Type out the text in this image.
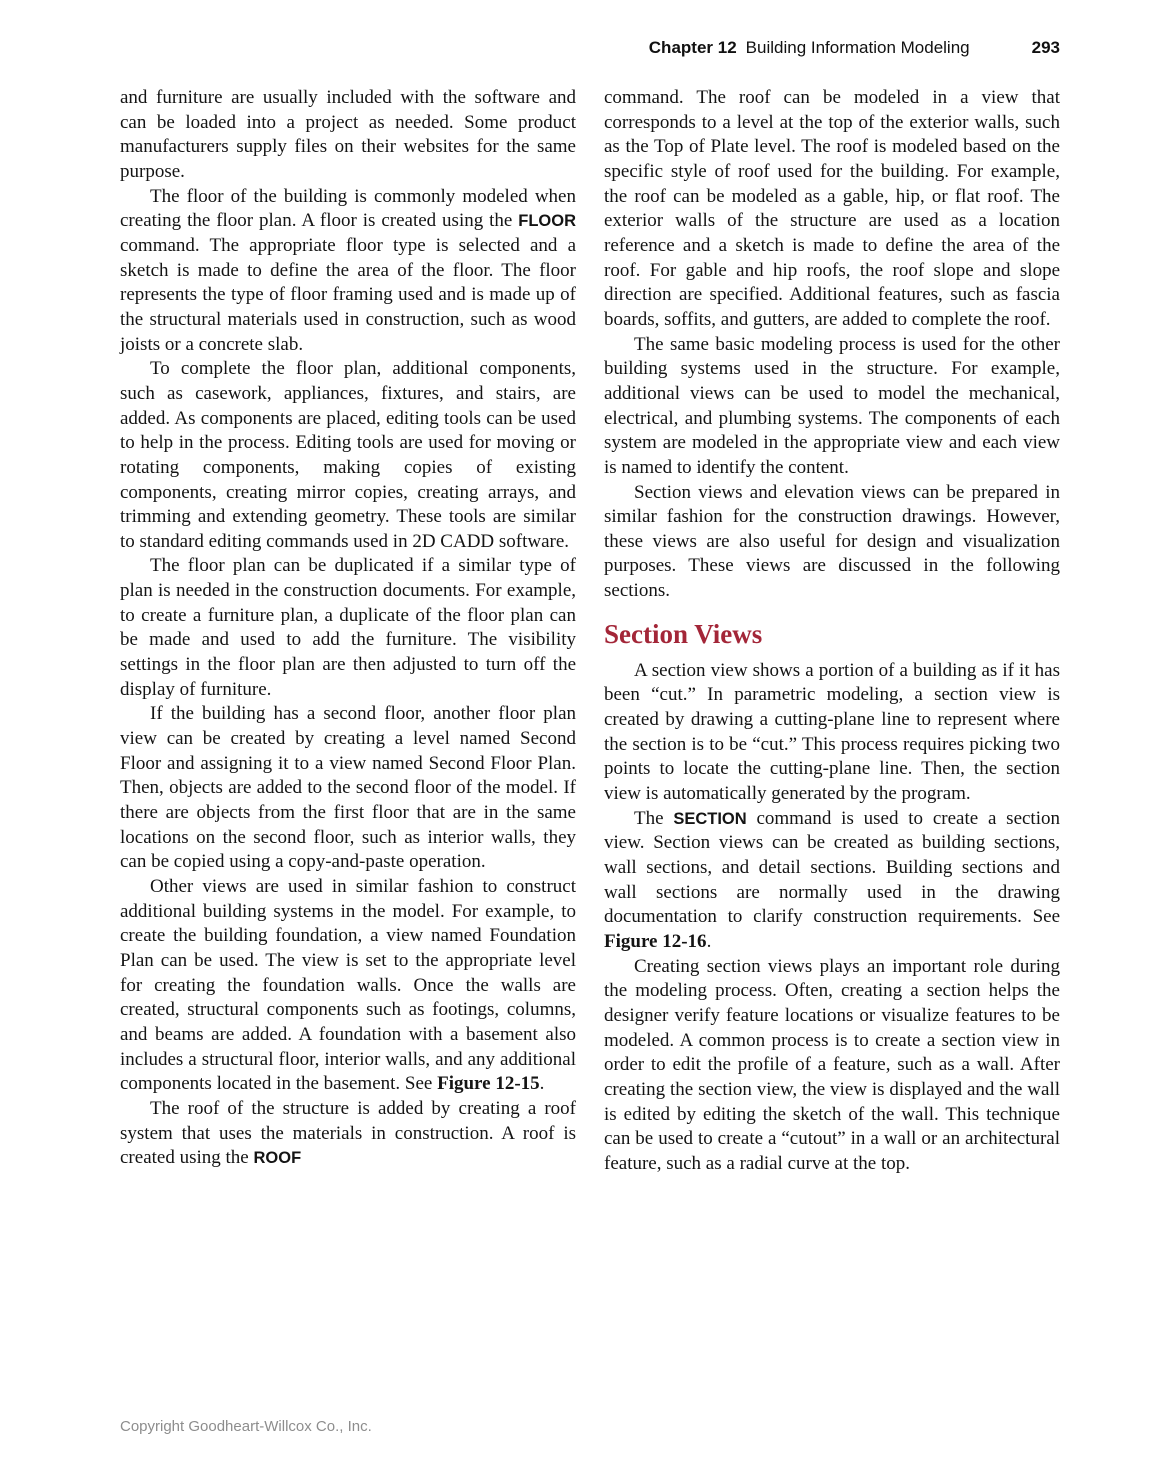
Chapter 12 Building Information Modeling	293

and furniture are usually included with the software and can be loaded into a project as needed. Some product manufacturers supply files on their websites for the same purpose.

The floor of the building is commonly modeled when creating the floor plan. A floor is created using the FLOOR command. The appropriate floor type is selected and a sketch is made to define the area of the floor. The floor represents the type of floor framing used and is made up of the structural materials used in construction, such as wood joists or a concrete slab.

To complete the floor plan, additional components, such as casework, appliances, fixtures, and stairs, are added. As components are placed, editing tools can be used to help in the process. Editing tools are used for moving or rotating components, making copies of existing components, creating mirror copies, creating arrays, and trimming and extending geometry. These tools are similar to standard editing commands used in 2D CADD software.

The floor plan can be duplicated if a similar type of plan is needed in the construction documents. For example, to create a furniture plan, a duplicate of the floor plan can be made and used to add the furniture. The visibility settings in the floor plan are then adjusted to turn off the display of furniture.

If the building has a second floor, another floor plan view can be created by creating a level named Second Floor and assigning it to a view named Second Floor Plan. Then, objects are added to the second floor of the model. If there are objects from the first floor that are in the same locations on the second floor, such as interior walls, they can be copied using a copy-and-paste operation.

Other views are used in similar fashion to construct additional building systems in the model. For example, to create the building foundation, a view named Foundation Plan can be used. The view is set to the appropriate level for creating the foundation walls. Once the walls are created, structural components such as footings, columns, and beams are added. A foundation with a basement also includes a structural floor, interior walls, and any additional components located in the basement. See Figure 12-15.

The roof of the structure is added by creating a roof system that uses the materials in construction. A roof is created using the ROOF

command. The roof can be modeled in a view that corresponds to a level at the top of the exterior walls, such as the Top of Plate level. The roof is modeled based on the specific style of roof used for the building. For example, the roof can be modeled as a gable, hip, or flat roof. The exterior walls of the structure are used as a location reference and a sketch is made to define the area of the roof. For gable and hip roofs, the roof slope and slope direction are specified. Additional features, such as fascia boards, soffits, and gutters, are added to complete the roof.

The same basic modeling process is used for the other building systems used in the structure. For example, additional views can be used to model the mechanical, electrical, and plumbing systems. The components of each system are modeled in the appropriate view and each view is named to identify the content.

Section views and elevation views can be prepared in similar fashion for the construction drawings. However, these views are also useful for design and visualization purposes. These views are discussed in the following sections.

Section Views

A section view shows a portion of a building as if it has been “cut.” In parametric modeling, a section view is created by drawing a cutting-plane line to represent where the section is to be “cut.” This process requires picking two points to locate the cutting-plane line. Then, the section view is automatically generated by the program.

The SECTION command is used to create a section view. Section views can be created as building sections, wall sections, and detail sections. Building sections and wall sections are normally used in the drawing documentation to clarify construction requirements. See Figure 12-16.

Creating section views plays an important role during the modeling process. Often, creating a section helps the designer verify feature locations or visualize features to be modeled. A common process is to create a section view in order to edit the profile of a feature, such as a wall. After creating the section view, the view is displayed and the wall is edited by editing the sketch of the wall. This technique can be used to create a “cutout” in a wall or an architectural feature, such as a radial curve at the top.

Copyright Goodheart-Willcox Co., Inc.
